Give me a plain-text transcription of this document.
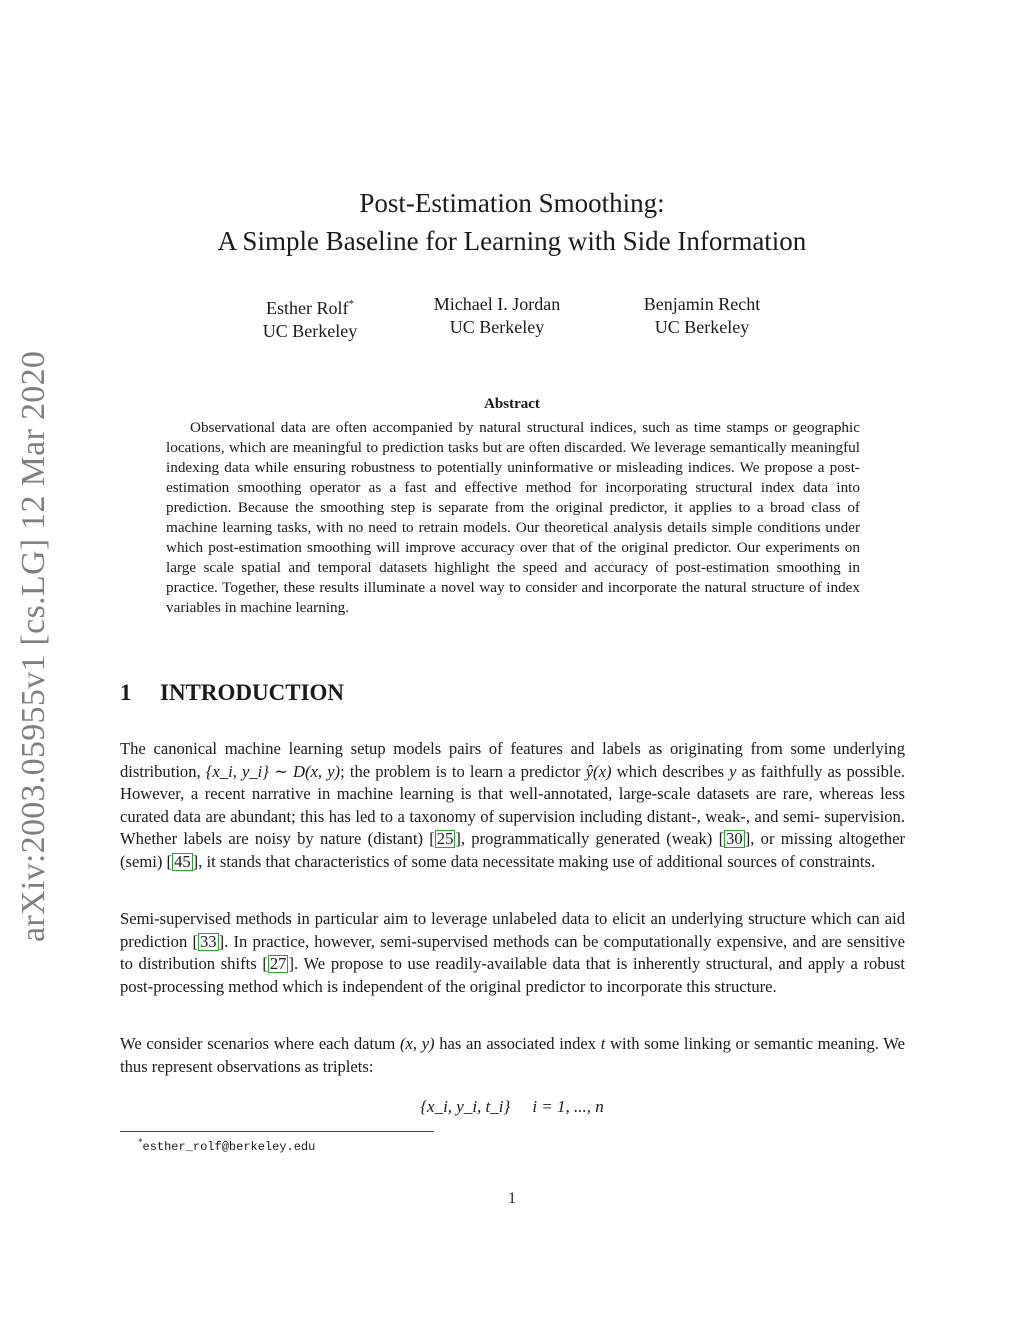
arXiv:2003.05955v1 [cs.LG] 12 Mar 2020
Post-Estimation Smoothing:
A Simple Baseline for Learning with Side Information
Esther Rolf*
UC Berkeley
Michael I. Jordan
UC Berkeley
Benjamin Recht
UC Berkeley
Abstract
Observational data are often accompanied by natural structural indices, such as time stamps or geographic locations, which are meaningful to prediction tasks but are often discarded. We leverage semantically meaningful indexing data while ensuring robustness to potentially uninformative or misleading indices. We propose a post-estimation smoothing operator as a fast and effective method for incorporating structural index data into prediction. Because the smoothing step is separate from the original predictor, it applies to a broad class of machine learning tasks, with no need to retrain models. Our theoretical analysis details simple conditions under which post-estimation smoothing will improve accuracy over that of the original predictor. Our experiments on large scale spatial and temporal datasets highlight the speed and accuracy of post-estimation smoothing in practice. Together, these results illuminate a novel way to consider and incorporate the natural structure of index variables in machine learning.
1 INTRODUCTION

The canonical machine learning setup models pairs of features and labels as originating from some underlying distribution, {x_i, y_i} ∼ D(x, y); the problem is to learn a predictor ŷ(x) which describes y as faithfully as possible. However, a recent narrative in machine learning is that well-annotated, large-scale datasets are rare, whereas less curated data are abundant; this has led to a taxonomy of supervision including distant-, weak-, and semi- supervision. Whether labels are noisy by nature (distant) [ 25 ], programmatically generated (weak) [ 30 ], or missing altogether (semi) [ 45 ], it stands that characteristics of some data necessitate making use of additional sources of constraints.

Semi-supervised methods in particular aim to leverage unlabeled data to elicit an underlying structure which can aid prediction [ 33 ]. In practice, however, semi-supervised methods can be computationally expensive, and are sensitive to distribution shifts [ 27 ]. We propose to use readily-available data that is inherently structural, and apply a robust post-processing method which is independent of the original predictor to incorporate this structure.

We consider scenarios where each datum (x, y) has an associated index t with some linking or semantic meaning. We thus represent observations as triplets:

{x_i, y_i, t_i} i = 1, ..., n
*esther_rolf@berkeley.edu
1
